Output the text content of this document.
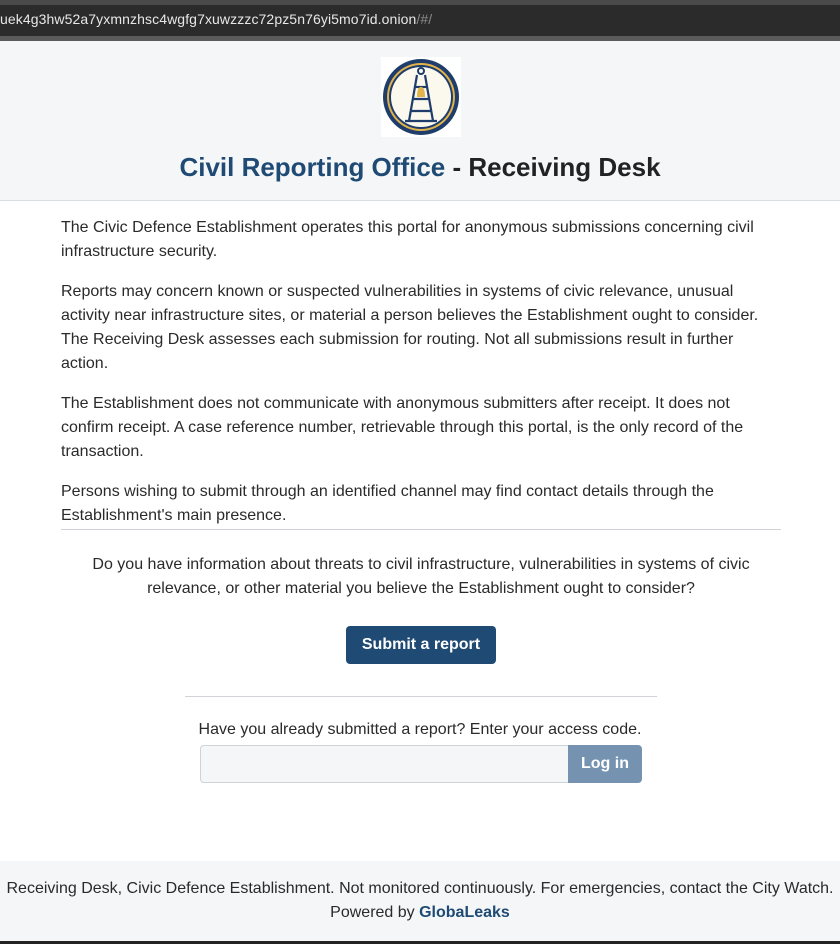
uek4g3hw52a7yxmnzhsc4wgfg7xuwzzzc72pz5n76yi5mo7id.onion/#/
Civil Reporting Office - Receiving Desk

The Civic Defence Establishment operates this portal for anonymous submissions concerning civil infrastructure security.

Reports may concern known or suspected vulnerabilities in systems of civic relevance, unusual activity near infrastructure sites, or material a person believes the Establishment ought to consider. The Receiving Desk assesses each submission for routing. Not all submissions result in further action.

The Establishment does not communicate with anonymous submitters after receipt. It does not confirm receipt. A case reference number, retrievable through this portal, is the only record of the transaction.

Persons wishing to submit through an identified channel may find contact details through the Establishment's main presence.

Do you have information about threats to civil infrastructure, vulnerabilities in systems of civic relevance, or other material you believe the Establishment ought to consider?
Submit a report
Have you already submitted a report? Enter your access code.
Log in
Receiving Desk, Civic Defence Establishment. Not monitored continuously. For emergencies, contact the City Watch.
Powered by GlobaLeaks
